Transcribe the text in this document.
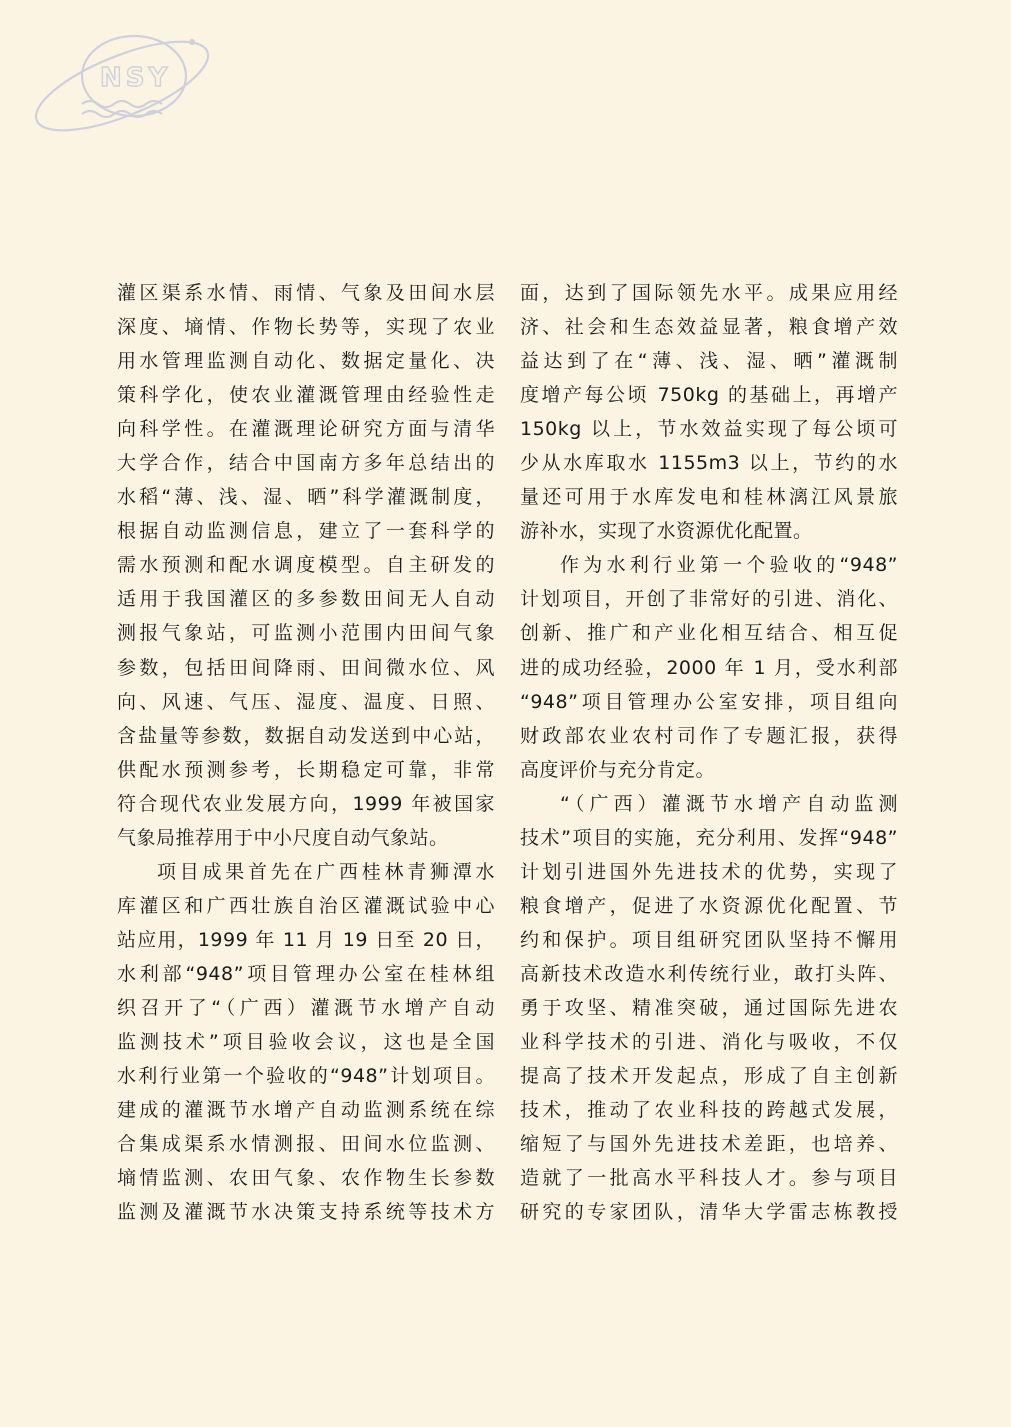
NSY
灌区渠系水情、雨情、气象及田间水层
深度、墒情、作物长势等，实现了农业
用水管理监测自动化、数据定量化、决
策科学化，使农业灌溉管理由经验性走
向科学性。在灌溉理论研究方面与清华
大学合作，结合中国南方多年总结出的
水稻“薄、浅、湿、晒”科学灌溉制度，
根据自动监测信息，建立了一套科学的
需水预测和配水调度模型。自主研发的
适用于我国灌区的多参数田间无人自动
测报气象站，可监测小范围内田间气象
参数，包括田间降雨、田间微水位、风
向、风速、气压、湿度、温度、日照、
含盐量等参数，数据自动发送到中心站，
供配水预测参考，长期稳定可靠，非常
符合现代农业发展方向，1999 年被国家
气象局推荐用于中小尺度自动气象站。
项目成果首先在广西桂林青狮潭水
库灌区和广西壮族自治区灌溉试验中心
站应用，1999 年 11 月 19 日至 20 日，
水利部“948”项目管理办公室在桂林组
织召开了“（广西）灌溉节水增产自动
监测技术”项目验收会议，这也是全国
水利行业第一个验收的“948”计划项目。
建成的灌溉节水增产自动监测系统在综
合集成渠系水情测报、田间水位监测、
墒情监测、农田气象、农作物生长参数
监测及灌溉节水决策支持系统等技术方
面，达到了国际领先水平。成果应用经
济、社会和生态效益显著，粮食增产效
益达到了在“薄、浅、湿、晒”灌溉制
度增产每公顷 750kg 的基础上，再增产
150kg 以上，节水效益实现了每公顷可
少从水库取水 1155m3 以上，节约的水
量还可用于水库发电和桂林漓江风景旅
游补水，实现了水资源优化配置。
作为水利行业第一个验收的“948”
计划项目，开创了非常好的引进、消化、
创新、推广和产业化相互结合、相互促
进的成功经验，2000 年 1 月，受水利部
“948”项目管理办公室安排，项目组向
财政部农业农村司作了专题汇报，获得
高度评价与充分肯定。
“（广西）灌溉节水增产自动监测
技术”项目的实施，充分利用、发挥“948”
计划引进国外先进技术的优势，实现了
粮食增产，促进了水资源优化配置、节
约和保护。项目组研究团队坚持不懈用
高新技术改造水利传统行业，敢打头阵、
勇于攻坚、精准突破，通过国际先进农
业科学技术的引进、消化与吸收，不仅
提高了技术开发起点，形成了自主创新
技术，推动了农业科技的跨越式发展，
缩短了与国外先进技术差距，也培养、
造就了一批高水平科技人才。参与项目
研究的专家团队，清华大学雷志栋教授
